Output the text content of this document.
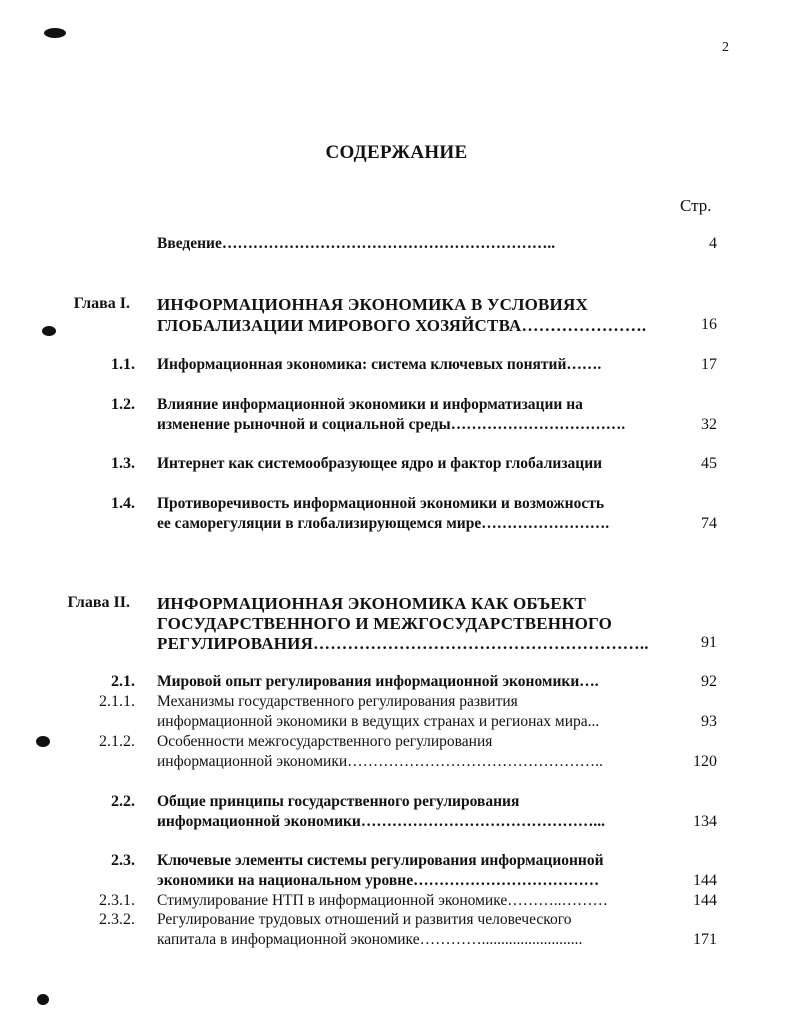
2
СОДЕРЖАНИЕ
Стр.
Введение………………………………………………………..	4
Глава I. ИНФОРМАЦИОННАЯ ЭКОНОМИКА В УСЛОВИЯХ
ГЛОБАЛИЗАЦИИ МИРОВОГО ХОЗЯЙСТВА………………….	16
1.1. Информационная экономика: система ключевых понятий…….	17
1.2. Влияние информационной экономики и информатизации на
изменение рыночной и социальной среды…………………………….	32
1.3. Интернет как системообразующее ядро и фактор глобализации	45
1.4. Противоречивость информационной экономики и возможность
ее саморегуляции в глобализирующемся мире…………………….	74
Глава II. ИНФОРМАЦИОННАЯ ЭКОНОМИКА КАК ОБЪЕКТ
ГОСУДАРСТВЕННОГО И МЕЖГОСУДАРСТВЕННОГО
РЕГУЛИРОВАНИЯ…………………………………………………..	91
2.1. Мировой опыт регулирования информационной экономики….	92
2.1.1. Механизмы государственного регулирования развития
информационной экономики в ведущих странах и регионах мира...	93
2.1.2. Особенности межгосударственного регулирования
информационной экономики…………………………………………..	120
2.2. Общие принципы государственного регулирования
информационной экономики………………………………………...	134
2.3. Ключевые элементы системы регулирования информационной
экономики на национальном уровне………………………………	144
2.3.1. Стимулирование НТП в информационной экономике………..………	144
2.3.2. Регулирование трудовых отношений и развития человеческого
капитала в информационной экономике…………..........................	171
